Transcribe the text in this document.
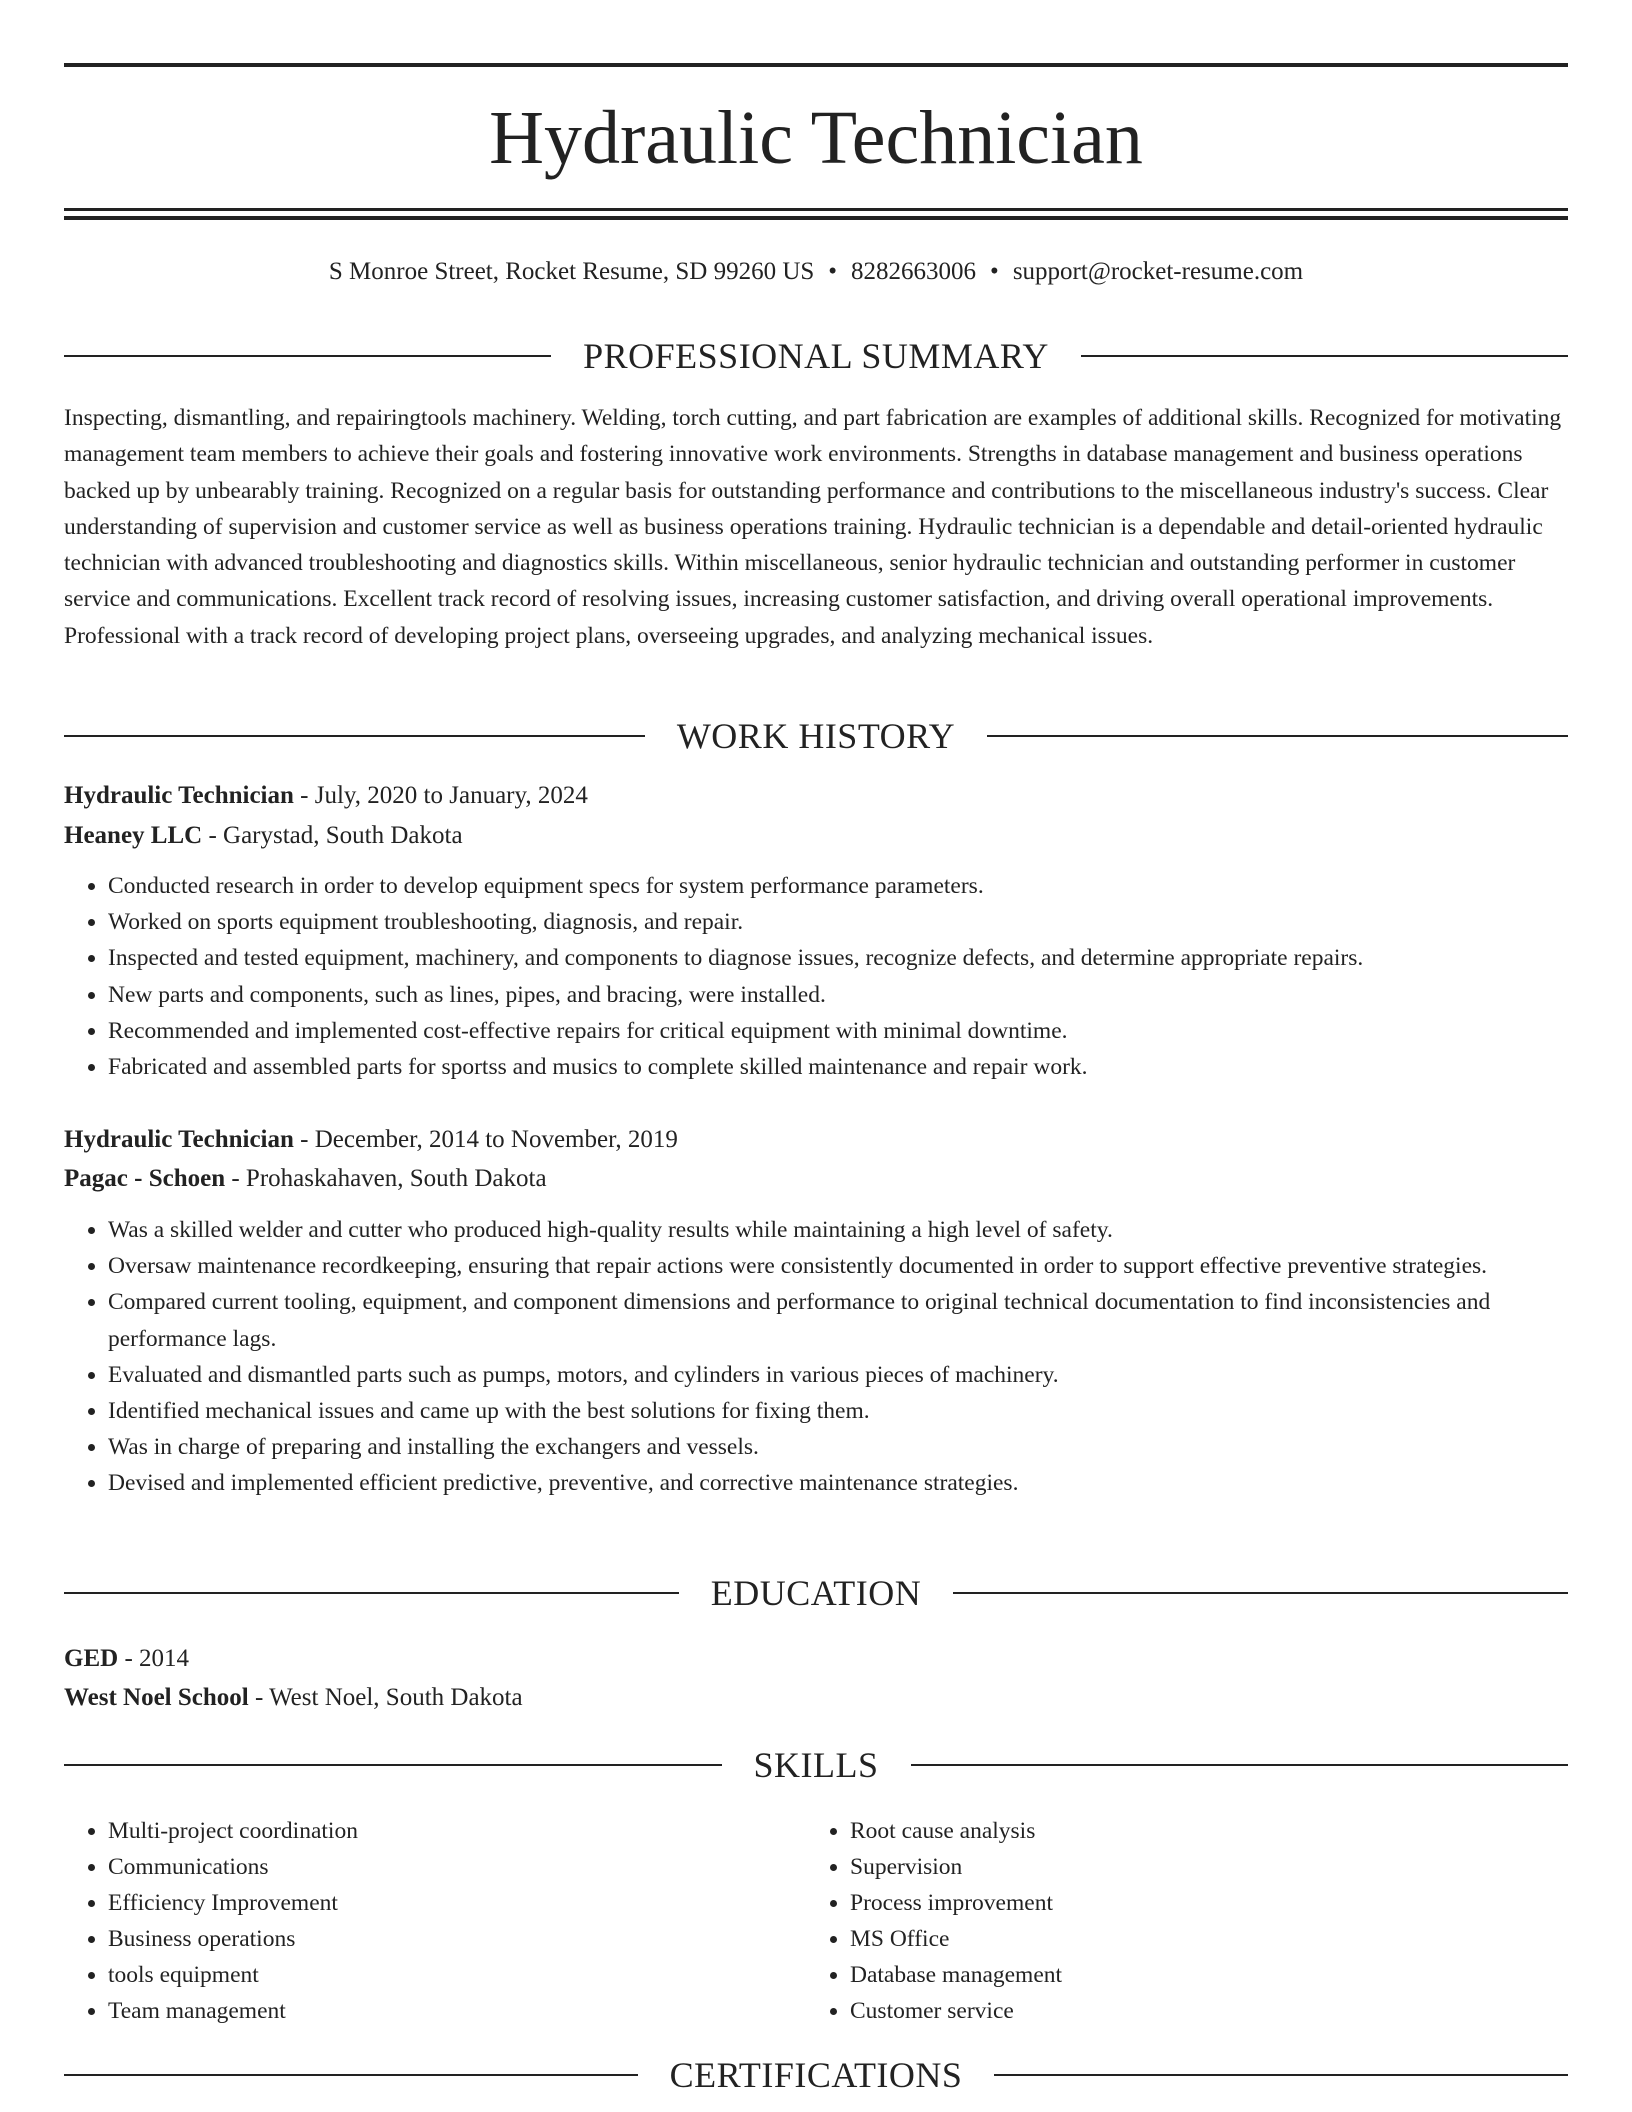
Hydraulic Technician
S Monroe Street, Rocket Resume, SD 99260 US • 8282663006 • support@rocket-resume.com
PROFESSIONAL SUMMARY

Inspecting, dismantling, and repairingtools machinery. Welding, torch cutting, and part fabrication are examples of additional skills. Recognized for motivating management team members to achieve their goals and fostering innovative work environments. Strengths in database management and business operations backed up by unbearably training. Recognized on a regular basis for outstanding performance and contributions to the miscellaneous industry's success. Clear understanding of supervision and customer service as well as business operations training. Hydraulic technician is a dependable and detail-oriented hydraulic technician with advanced troubleshooting and diagnostics skills. Within miscellaneous, senior hydraulic technician and outstanding performer in customer service and communications. Excellent track record of resolving issues, increasing customer satisfaction, and driving overall operational improvements. Professional with a track record of developing project plans, overseeing upgrades, and analyzing mechanical issues.

WORK HISTORY
Hydraulic Technician - July, 2020 to January, 2024
Heaney LLC - Garystad, South Dakota
• Conducted research in order to develop equipment specs for system performance parameters.
• Worked on sports equipment troubleshooting, diagnosis, and repair.
• Inspected and tested equipment, machinery, and components to diagnose issues, recognize defects, and determine appropriate repairs.
• New parts and components, such as lines, pipes, and bracing, were installed.
• Recommended and implemented cost-effective repairs for critical equipment with minimal downtime.
• Fabricated and assembled parts for sportss and musics to complete skilled maintenance and repair work.
Hydraulic Technician - December, 2014 to November, 2019
Pagac - Schoen - Prohaskahaven, South Dakota
• Was a skilled welder and cutter who produced high-quality results while maintaining a high level of safety.
• Oversaw maintenance recordkeeping, ensuring that repair actions were consistently documented in order to support effective preventive strategies.
• Compared current tooling, equipment, and component dimensions and performance to original technical documentation to find inconsistencies and performance lags.
• Evaluated and dismantled parts such as pumps, motors, and cylinders in various pieces of machinery.
• Identified mechanical issues and came up with the best solutions for fixing them.
• Was in charge of preparing and installing the exchangers and vessels.
• Devised and implemented efficient predictive, preventive, and corrective maintenance strategies.
EDUCATION
GED - 2014
West Noel School - West Noel, South Dakota
SKILLS
• Multi-project coordination
• Communications
• Efficiency Improvement
• Business operations
• tools equipment
• Team management
• Root cause analysis
• Supervision
• Process improvement
• MS Office
• Database management
• Customer service
CERTIFICATIONS
